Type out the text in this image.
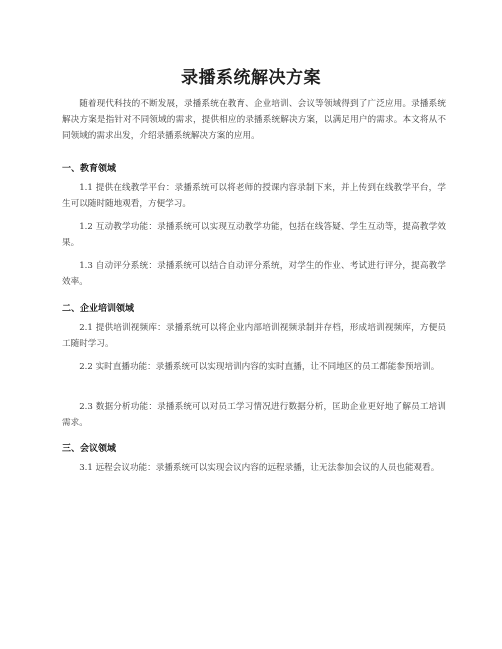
录播系统解决方案

随着现代科技的不断发展，录播系统在教育、企业培训、会议等领域得到了广泛应用。录播系统解决方案是指针对不同领域的需求，提供相应的录播系统解决方案，以满足用户的需求。本文将从不同领域的需求出发，介绍录播系统解决方案的应用。

一、教育领域

1.1 提供在线教学平台：录播系统可以将老师的授课内容录制下来，并上传到在线教学平台，学生可以随时随地观看，方便学习。

1.2 互动教学功能：录播系统可以实现互动教学功能，包括在线答疑、学生互动等，提高教学效果。

1.3 自动评分系统：录播系统可以结合自动评分系统，对学生的作业、考试进行评分，提高教学效率。

二、企业培训领域

2.1 提供培训视频库：录播系统可以将企业内部培训视频录制并存档，形成培训视频库，方便员工随时学习。

2.2 实时直播功能：录播系统可以实现培训内容的实时直播，让不同地区的员工都能参预培训。

2.3 数据分析功能：录播系统可以对员工学习情况进行数据分析，匡助企业更好地了解员工培训需求。

三、会议领域

3.1 远程会议功能：录播系统可以实现会议内容的远程录播，让无法参加会议的人员也能观看。
